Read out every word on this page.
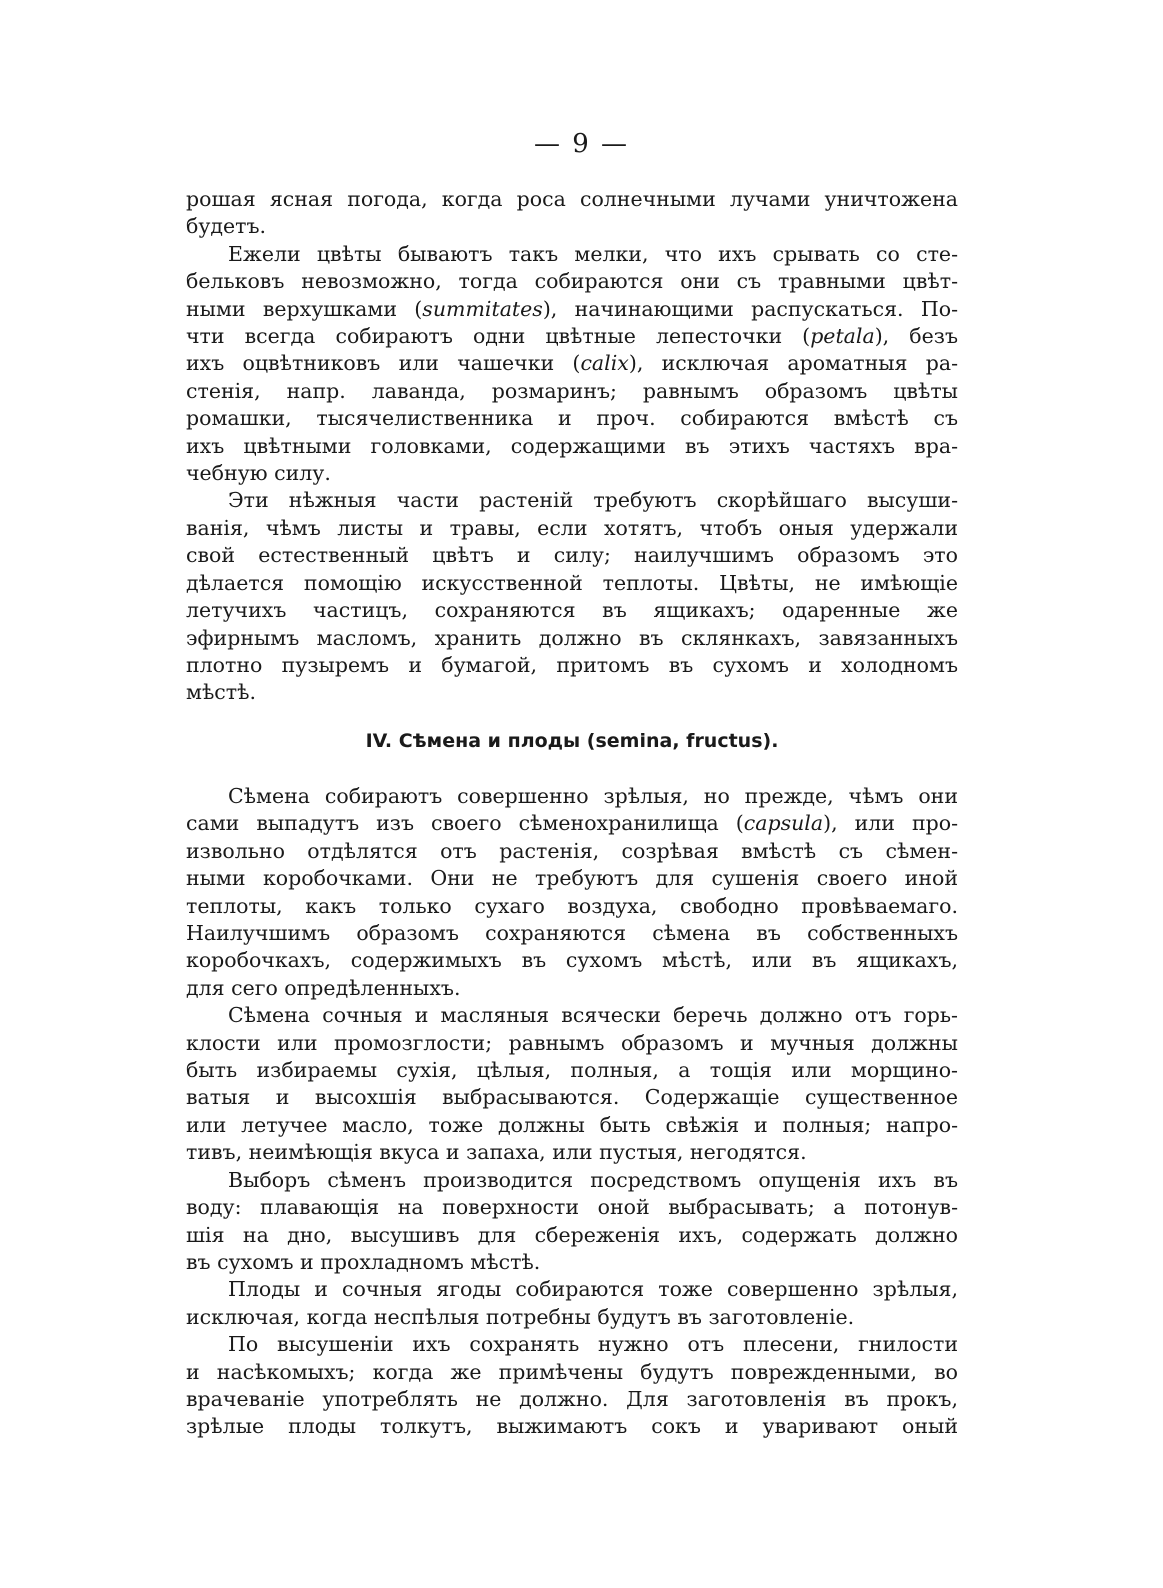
— 9 —
рошая ясная погода, когда роса солнечными лучами уничтожена
будетъ.
Ежели цвѣты бываютъ такъ мелки, что ихъ срывать со сте-
бельковъ невозможно, тогда собираются они съ травными цвѣт-
ными верхушками (summitates), начинающими распускаться. По-
чти всегда собираютъ одни цвѣтные лепесточки (petala), безъ
ихъ оцвѣтниковъ или чашечки (calix), исключая ароматныя ра-
стенія, напр. лаванда, розмаринъ; равнымъ образомъ цвѣты
ромашки, тысячелиственника и проч. собираются вмѣстѣ съ
ихъ цвѣтными головками, содержащими въ этихъ частяхъ вра-
чебную силу.
Эти нѣжныя части растеній требуютъ скорѣйшаго высуши-
ванія, чѣмъ листы и травы, если хотятъ, чтобъ оныя удержали
свой естественный цвѣтъ и силу; наилучшимъ образомъ это
дѣлается помощію искусственной теплоты. Цвѣты, не имѣющіе
летучихъ частицъ, сохраняются въ ящикахъ; одаренные же
эфирнымъ масломъ, хранить должно въ склянкахъ, завязанныхъ
плотно пузыремъ и бумагой, притомъ въ сухомъ и холодномъ
мѣстѣ.
IV. Сѣмена и плоды (semina, fructus).
Сѣмена собираютъ совершенно зрѣлыя, но прежде, чѣмъ они
сами выпадутъ изъ своего сѣменохранилища (capsula), или про-
извольно отдѣлятся отъ растенія, созрѣвая вмѣстѣ съ сѣмен-
ными коробочками. Они не требуютъ для сушенія своего иной
теплоты, какъ только сухаго воздуха, свободно провѣваемаго.
Наилучшимъ образомъ сохраняются сѣмена въ собственныхъ
коробочкахъ, содержимыхъ въ сухомъ мѣстѣ, или въ ящикахъ,
для сего опредѣленныхъ.
Сѣмена сочныя и масляныя всячески беречь должно отъ горь-
клости или промозглости; равнымъ образомъ и мучныя должны
быть избираемы сухія, цѣлыя, полныя, а тощія или морщино-
ватыя и высохшія выбрасываются. Содержащіе существенное
или летучее масло, тоже должны быть свѣжія и полныя; напро-
тивъ, неимѣющія вкуса и запаха, или пустыя, негодятся.
Выборъ сѣменъ производится посредствомъ опущенія ихъ въ
воду: плавающія на поверхности оной выбрасывать; а потонув-
шія на дно, высушивъ для сбереженія ихъ, содержать должно
въ сухомъ и прохладномъ мѣстѣ.
Плоды и сочныя ягоды собираются тоже совершенно зрѣлыя,
исключая, когда неспѣлыя потребны будутъ въ заготовленіе.
По высушеніи ихъ сохранять нужно отъ плесени, гнилости
и насѣкомыхъ; когда же примѣчены будутъ поврежденными, во
врачеваніе употреблять не должно. Для заготовленія въ прокъ,
зрѣлые плоды толкутъ, выжимаютъ сокъ и уваривают оный
